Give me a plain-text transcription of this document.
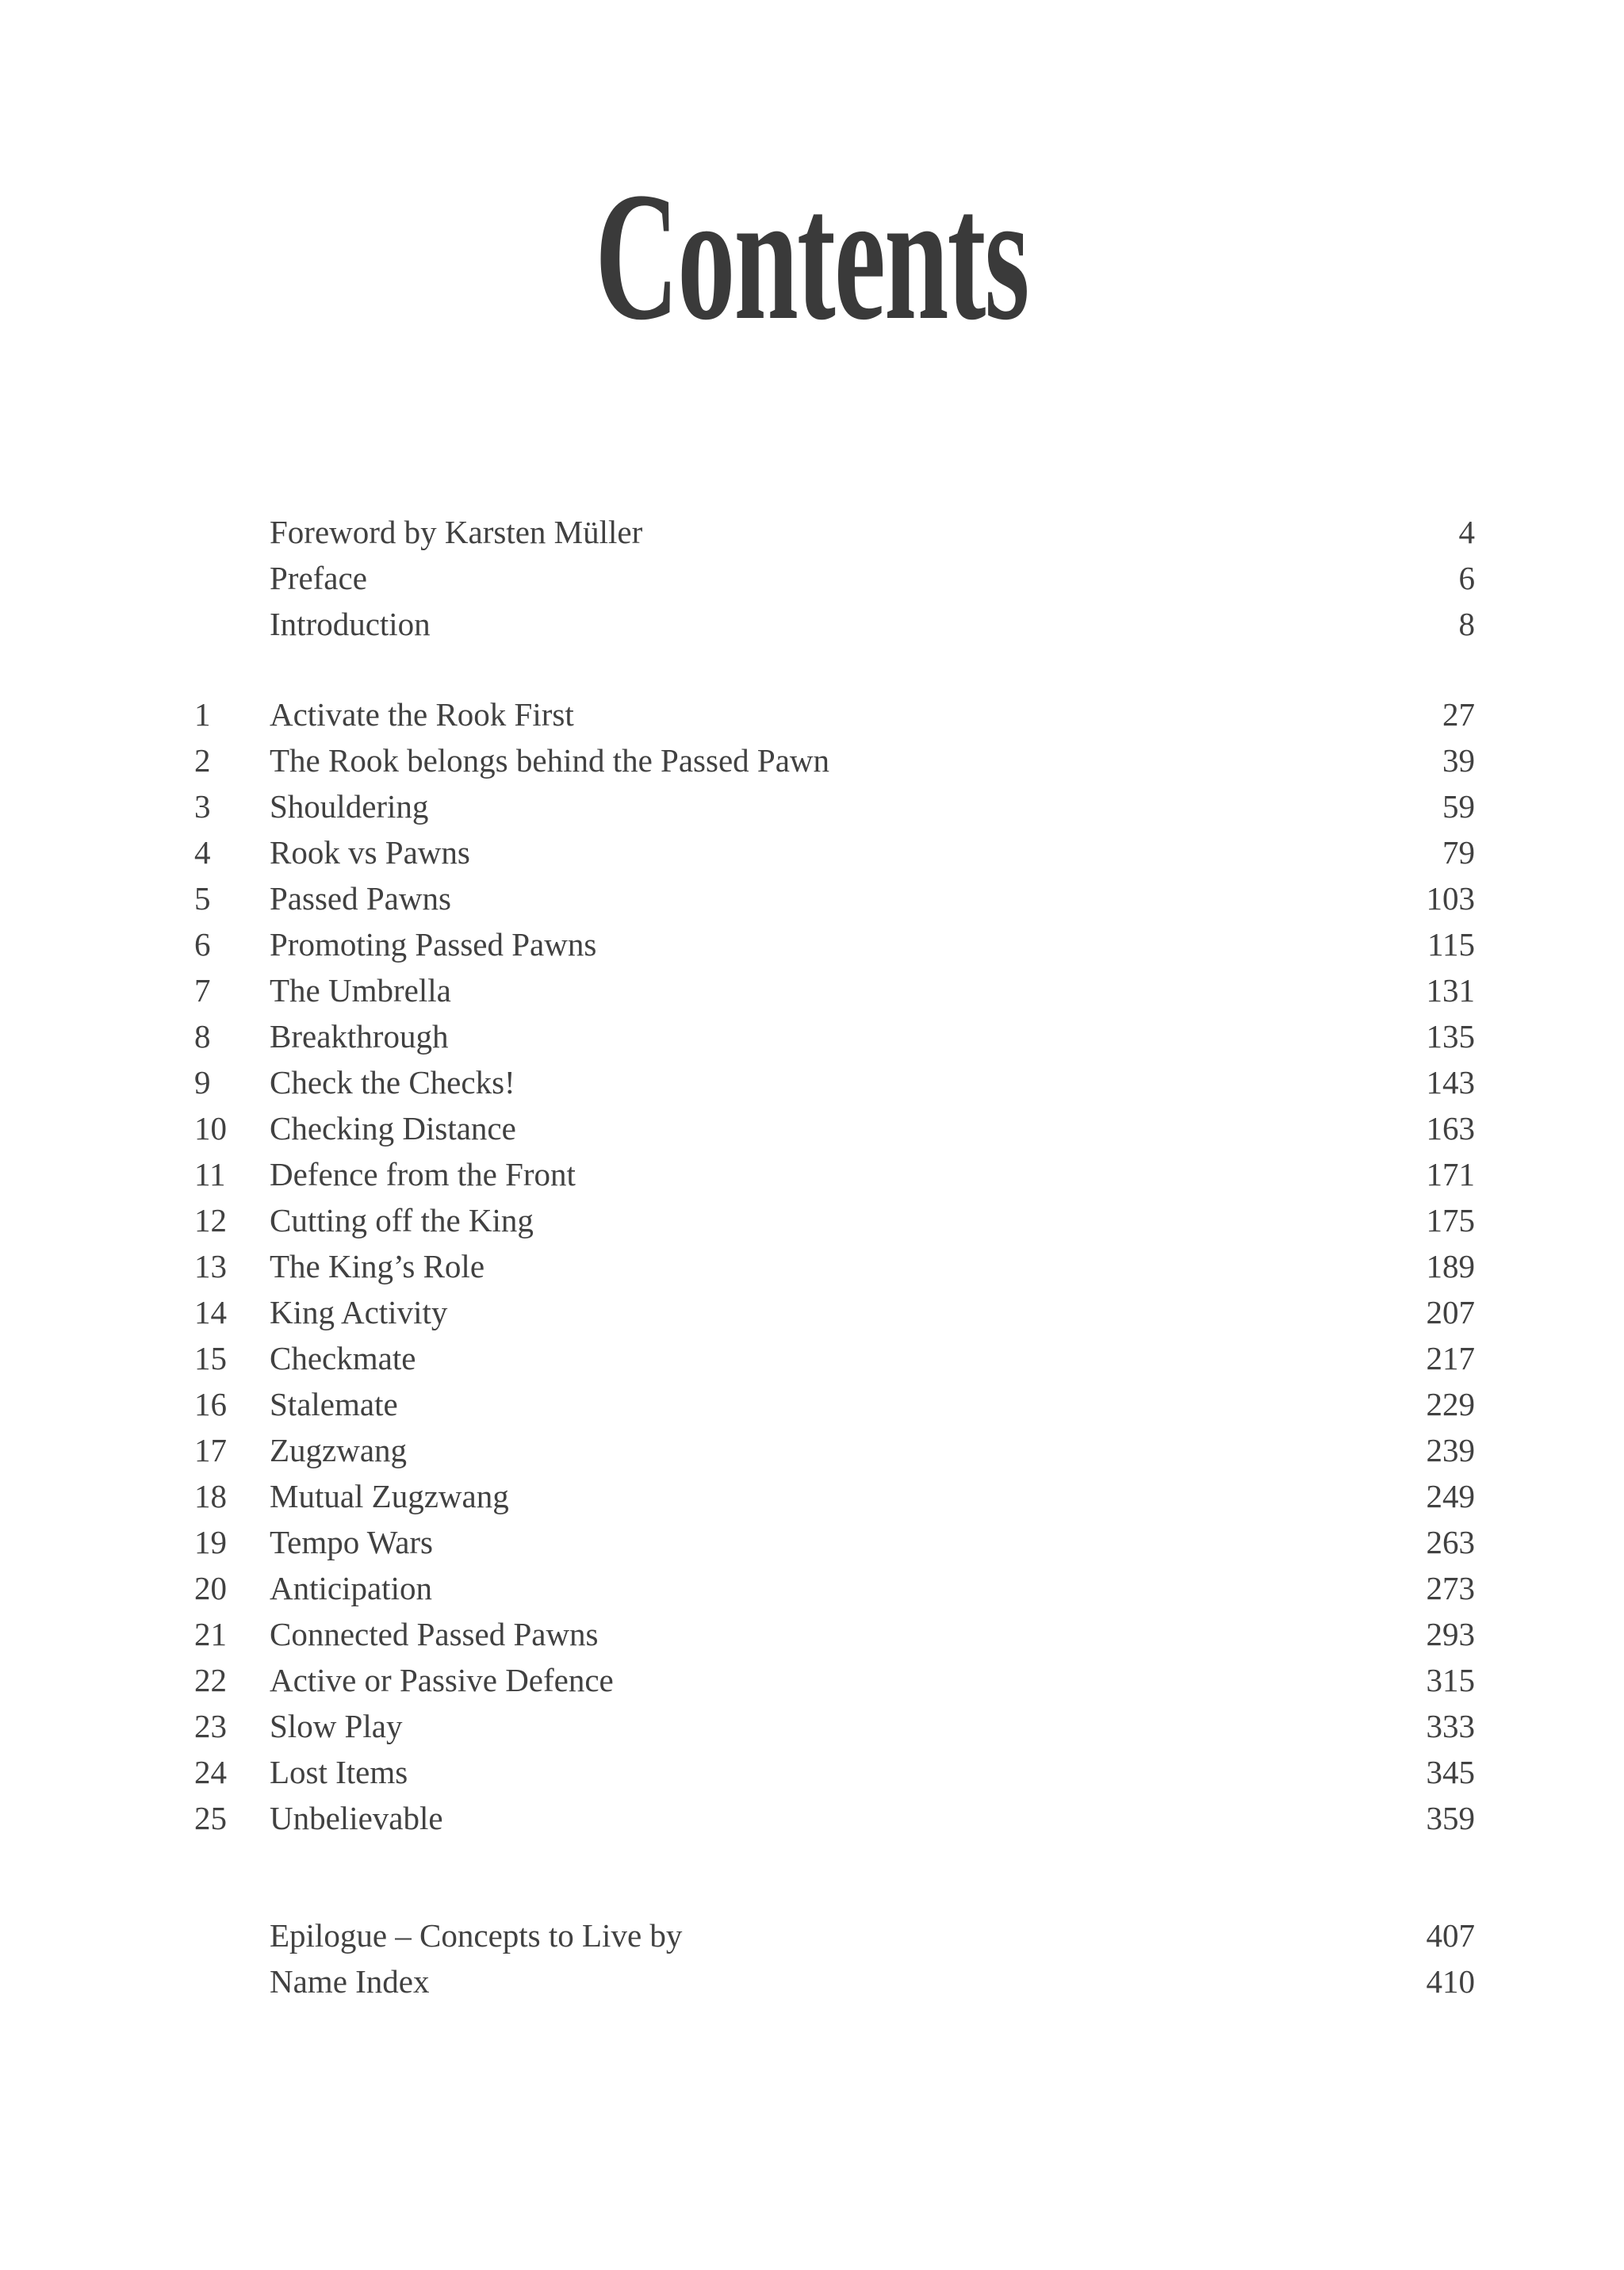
Contents
Foreword by Karsten Müller	4
Preface	6
Introduction	8
1	Activate the Rook First	27
2	The Rook belongs behind the Passed Pawn	39
3	Shouldering	59
4	Rook vs Pawns	79
5	Passed Pawns	103
6	Promoting Passed Pawns	115
7	The Umbrella	131
8	Breakthrough	135
9	Check the Checks!	143
10	Checking Distance	163
11	Defence from the Front	171
12	Cutting off the King	175
13	The King’s Role	189
14	King Activity	207
15	Checkmate	217
16	Stalemate	229
17	Zugzwang	239
18	Mutual Zugzwang	249
19	Tempo Wars	263
20	Anticipation	273
21	Connected Passed Pawns	293
22	Active or Passive Defence	315
23	Slow Play	333
24	Lost Items	345
25	Unbelievable	359
Epilogue – Concepts to Live by	407
Name Index	410
